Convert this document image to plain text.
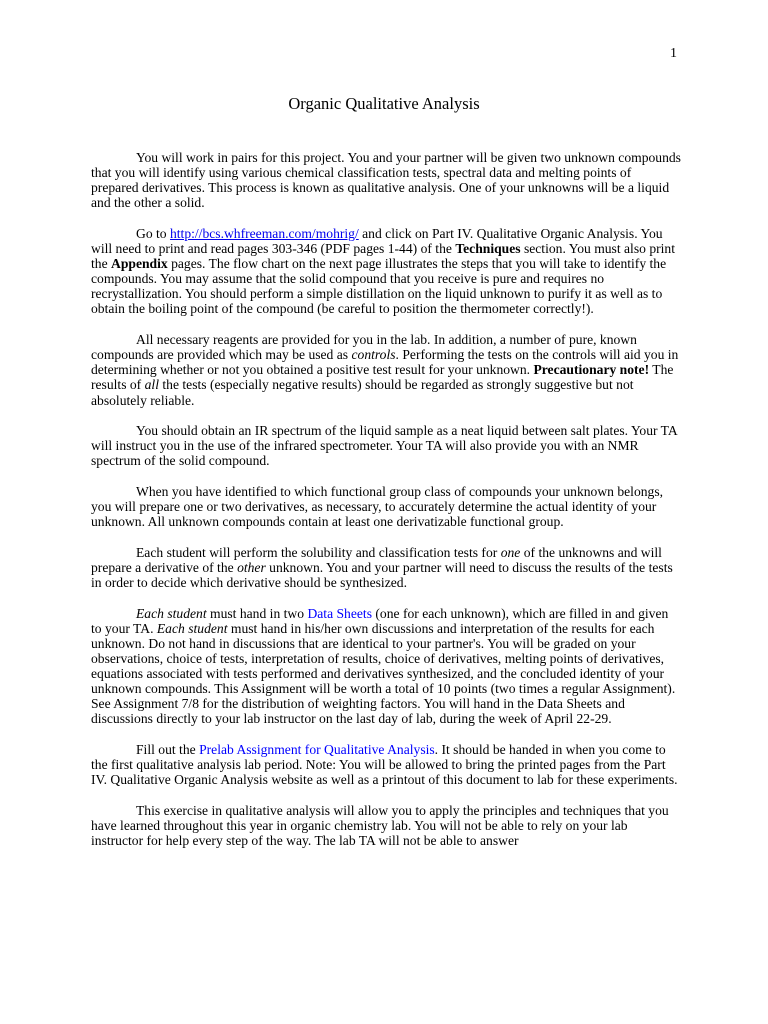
1
Organic Qualitative Analysis

You will work in pairs for this project. You and your partner will be given two unknown compounds that you will identify using various chemical classification tests, spectral data and melting points of prepared derivatives. This process is known as qualitative analysis. One of your unknowns will be a liquid and the other a solid.

Go to http://bcs.whfreeman.com/mohrig/ and click on Part IV. Qualitative Organic Analysis. You will need to print and read pages 303-346 (PDF pages 1-44) of the Techniques section. You must also print the Appendix pages. The flow chart on the next page illustrates the steps that you will take to identify the compounds. You may assume that the solid compound that you receive is pure and requires no recrystallization. You should perform a simple distillation on the liquid unknown to purify it as well as to obtain the boiling point of the compound (be careful to position the thermometer correctly!).

All necessary reagents are provided for you in the lab. In addition, a number of pure, known compounds are provided which may be used as controls. Performing the tests on the controls will aid you in determining whether or not you obtained a positive test result for your unknown. Precautionary note! The results of all the tests (especially negative results) should be regarded as strongly suggestive but not absolutely reliable.

You should obtain an IR spectrum of the liquid sample as a neat liquid between salt plates. Your TA will instruct you in the use of the infrared spectrometer. Your TA will also provide you with an NMR spectrum of the solid compound.

When you have identified to which functional group class of compounds your unknown belongs, you will prepare one or two derivatives, as necessary, to accurately determine the actual identity of your unknown. All unknown compounds contain at least one derivatizable functional group.

Each student will perform the solubility and classification tests for one of the unknowns and will prepare a derivative of the other unknown. You and your partner will need to discuss the results of the tests in order to decide which derivative should be synthesized.

Each student must hand in two Data Sheets (one for each unknown), which are filled in and given to your TA. Each student must hand in his/her own discussions and interpretation of the results for each unknown. Do not hand in discussions that are identical to your partner's. You will be graded on your observations, choice of tests, interpretation of results, choice of derivatives, melting points of derivatives, equations associated with tests performed and derivatives synthesized, and the concluded identity of your unknown compounds. This Assignment will be worth a total of 10 points (two times a regular Assignment). See Assignment 7/8 for the distribution of weighting factors. You will hand in the Data Sheets and discussions directly to your lab instructor on the last day of lab, during the week of April 22-29.

Fill out the Prelab Assignment for Qualitative Analysis. It should be handed in when you come to the first qualitative analysis lab period. Note: You will be allowed to bring the printed pages from the Part IV. Qualitative Organic Analysis website as well as a printout of this document to lab for these experiments.

This exercise in qualitative analysis will allow you to apply the principles and techniques that you have learned throughout this year in organic chemistry lab. You will not be able to rely on your lab instructor for help every step of the way. The lab TA will not be able to answer
